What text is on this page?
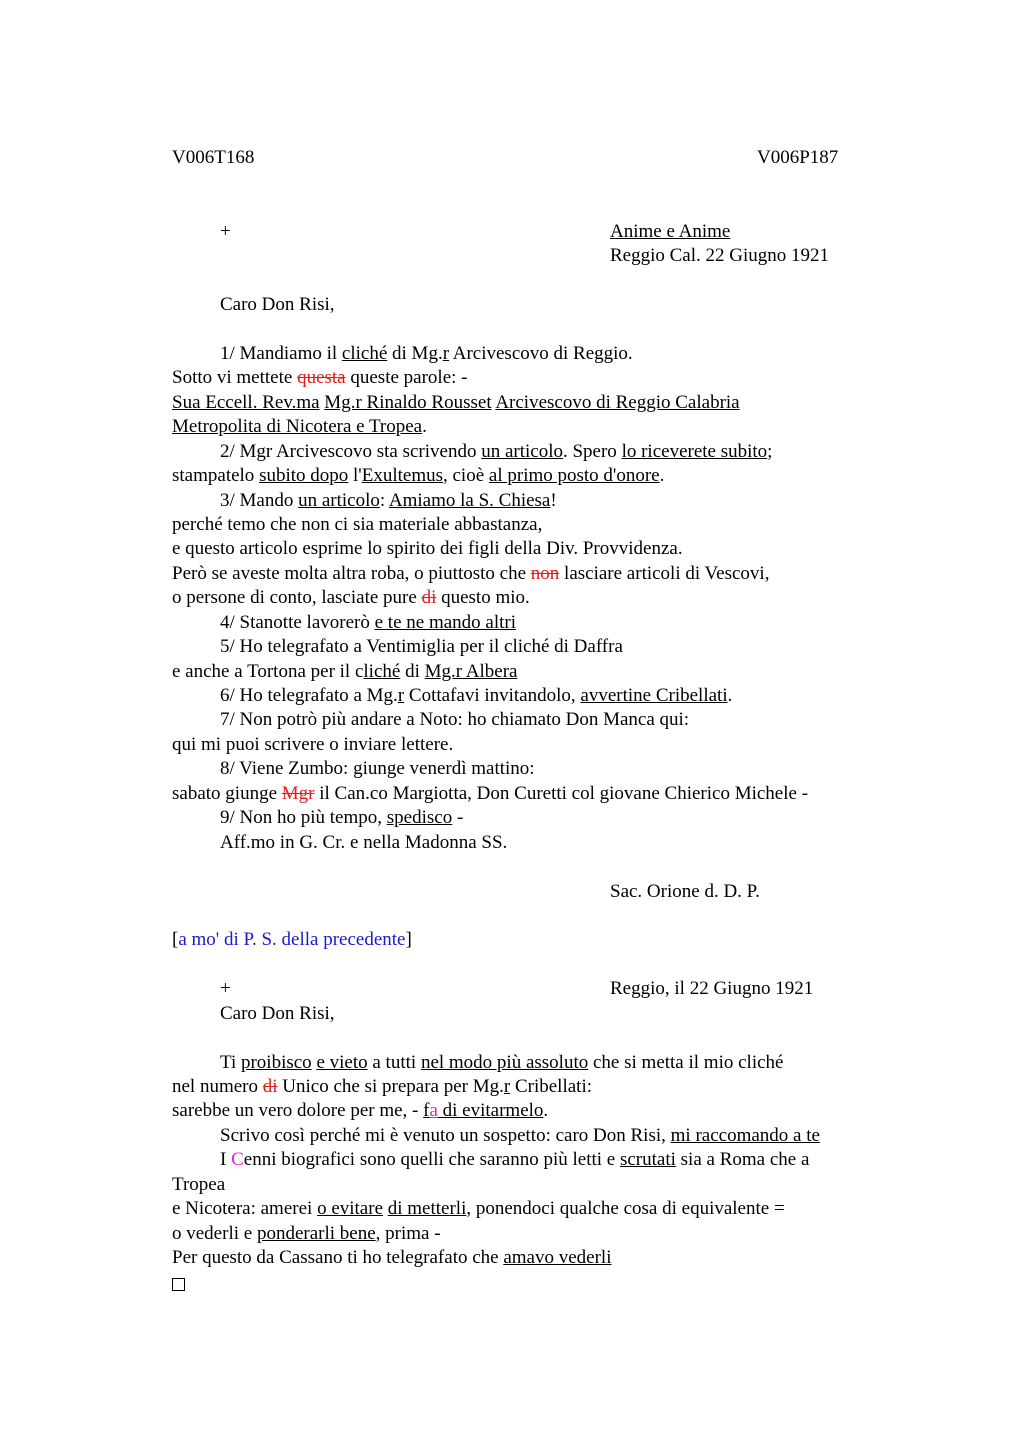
V006T168	V006P187
+	Anime e Anime
Reggio Cal. 22 Giugno 1921
Caro Don Risi,
1/ Mandiamo il cliché di Mg.r Arcivescovo di Reggio.
Sotto vi mettete questa queste parole: -
Sua Eccell. Rev.ma Mg.r Rinaldo Rousset Arcivescovo di Reggio Calabria
Metropolita di Nicotera e Tropea.
2/ Mgr Arcivescovo sta scrivendo un articolo. Spero lo riceverete subito;
stampatelo subito dopo l'Exultemus, cioè al primo posto d'onore.
3/ Mando un articolo: Amiamo la S. Chiesa!
perché temo che non ci sia materiale abbastanza,
e questo articolo esprime lo spirito dei figli della Div. Provvidenza.
Però se aveste molta altra roba, o piuttosto che non lasciare articoli di Vescovi,
o persone di conto, lasciate pure di questo mio.
4/ Stanotte lavorerò e te ne mando altri
5/ Ho telegrafato a Ventimiglia per il cliché di Daffra
e anche a Tortona per il cliché di Mg.r Albera
6/ Ho telegrafato a Mg.r Cottafavi invitandolo, avvertine Cribellati.
7/ Non potrò più andare a Noto: ho chiamato Don Manca qui:
qui mi puoi scrivere o inviare lettere.
8/ Viene Zumbo: giunge venerdì mattino:
sabato giunge Mgr il Can.co Margiotta, Don Curetti col giovane Chierico Michele -
9/ Non ho più tempo, spedisco -
Aff.mo in G. Cr. e nella Madonna SS.
Sac. Orione d. D. P.
[a mo' di P. S. della precedente]
+	Reggio, il 22 Giugno 1921
Caro Don Risi,
Ti proibisco e vieto a tutti nel modo più assoluto che si metta il mio cliché
nel numero di Unico che si prepara per Mg.r Cribellati:
sarebbe un vero dolore per me, - fa di evitarmelo.
Scrivo così perché mi è venuto un sospetto: caro Don Risi, mi raccomando a te
I Cenni biografici sono quelli che saranno più letti e scrutati sia a Roma che a
Tropea
e Nicotera: amerei o evitare di metterli, ponendoci qualche cosa di equivalente =
o vederli e ponderarli bene, prima -
Per questo da Cassano ti ho telegrafato che amavo vederli
